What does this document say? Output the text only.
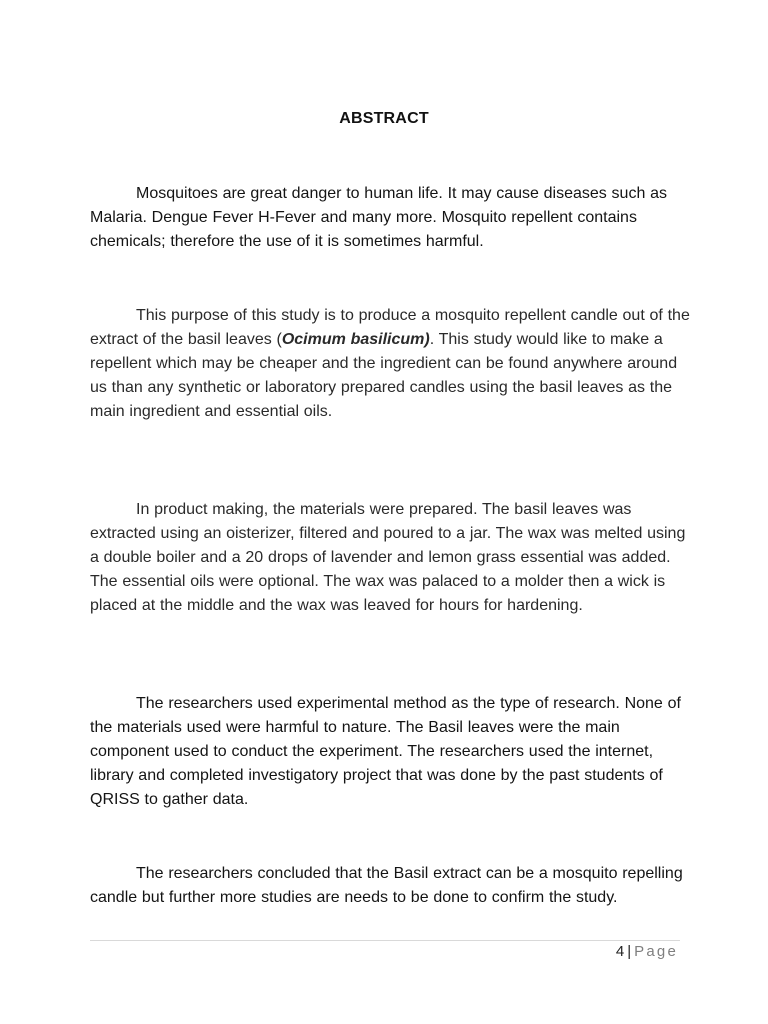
ABSTRACT

Mosquitoes are great danger to human life. It may cause diseases such as Malaria. Dengue Fever H-Fever and many more. Mosquito repellent contains chemicals; therefore the use of it is sometimes harmful.

This purpose of this study is to produce a mosquito repellent candle out of the extract of the basil leaves (Ocimum basilicum). This study would like to make a repellent which may be cheaper and the ingredient can be found anywhere around us than any synthetic or laboratory prepared candles using the basil leaves as the main ingredient and essential oils.

In product making, the materials were prepared. The basil leaves was extracted using an oisterizer, filtered and poured to a jar. The wax was melted using a double boiler and a 20 drops of lavender and lemon grass essential was added. The essential oils were optional. The wax was palaced to a molder then a wick is placed at the middle and the wax was leaved for hours for hardening.

The researchers used experimental method as the type of research. None of the materials used were harmful to nature. The Basil leaves were the main component used to conduct the experiment. The researchers used the internet, library and completed investigatory project that was done by the past students of QRISS to gather data.

The researchers concluded that the Basil extract can be a mosquito repelling candle but further more studies are needs to be done to confirm the study.

4 | Page
